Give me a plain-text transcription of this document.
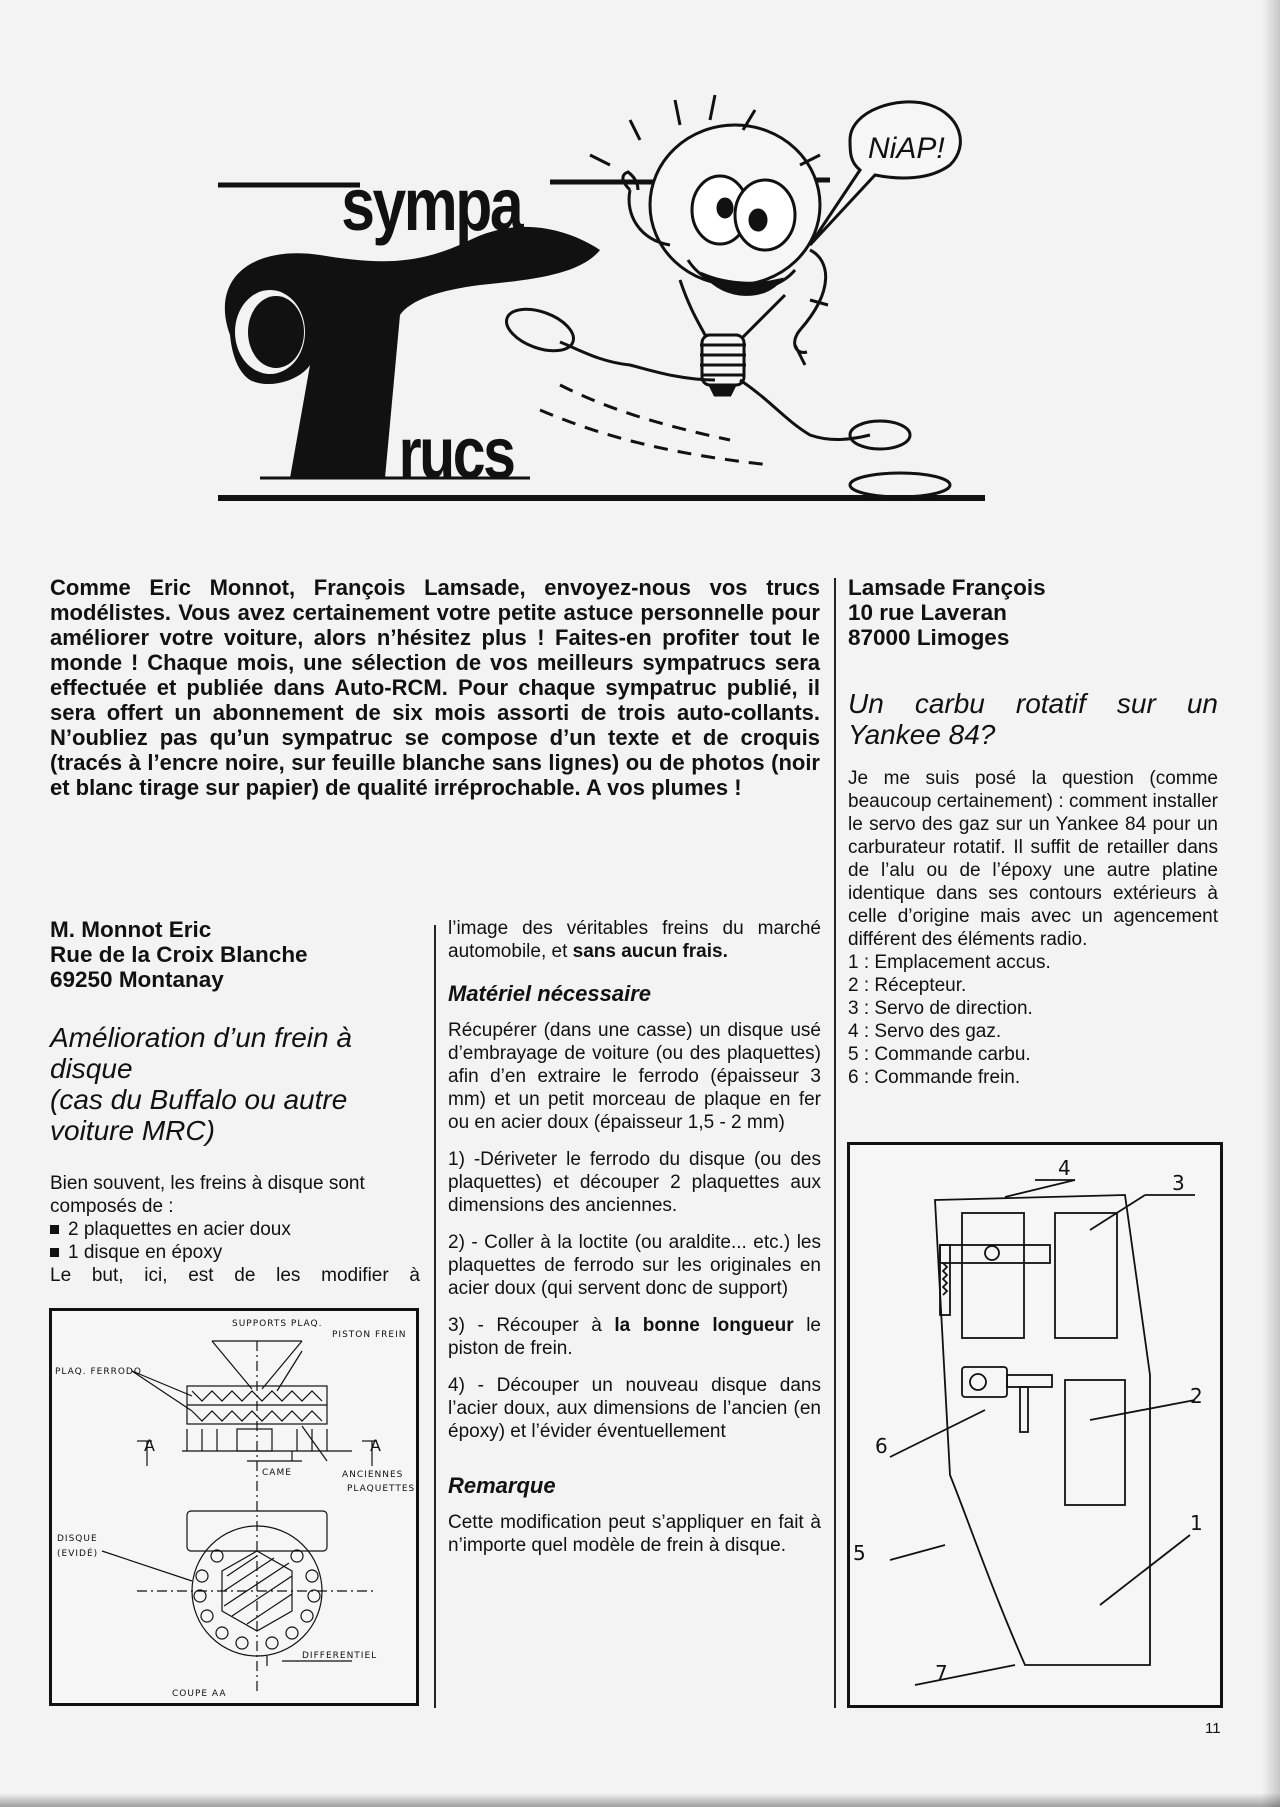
sympa
rucs
NiAP!
Comme Eric Monnot, François Lamsade, envoyez-nous vos trucs modélistes. Vous avez certainement votre petite astuce personnelle pour améliorer votre voiture, alors n’hésitez plus ! Faites-en profiter tout le monde ! Chaque mois, une sélection de vos meilleurs sympatrucs sera effectuée et publiée dans Auto-RCM. Pour chaque sympatruc publié, il sera offert un abonnement de six mois assorti de trois auto-collants. N’oubliez pas qu’un sympatruc se compose d’un texte et de croquis (tracés à l’encre noire, sur feuille blanche sans lignes) ou de photos (noir et blanc tirage sur papier) de qualité irréprochable. A vos plumes !
Lamsade François
10 rue Laveran
87000 Limoges
Un carbu rotatif sur un Yankee 84?

Je me suis posé la question (comme beaucoup certainement) : comment installer le servo des gaz sur un Yankee 84 pour un carburateur rotatif. Il suffit de retailler dans de l’alu ou de l’époxy une autre platine identique dans ses contours extérieurs à celle d’origine mais avec un agencement différent des éléments radio.

1 : Emplacement accus.
2 : Récepteur.
3 : Servo de direction.
4 : Servo des gaz.
5 : Commande carbu.
6 : Commande frein.
4
3
2
1
6
5
7
M. Monnot Eric
Rue de la Croix Blanche
69250 Montanay
Amélioration d’un frein à disque
(cas du Buffalo ou autre voiture MRC)
Bien souvent, les freins à disque sont composés de :
2 plaquettes en acier doux
1 disque en époxy
Le but, ici, est de les modifier à
SUPPORTS PLAQ.
PISTON FREIN
PLAQ. FERRODO
A	A
CAME	ANCIENNES
PLAQUETTES
DISQUE
(EVIDÉ)
DIFFERENTIEL
COUPE AA

l’image des véritables freins du marché automobile, et sans aucun frais.

Matériel nécessaire

Récupérer (dans une casse) un disque usé d’embrayage de voiture (ou des plaquettes) afin d’en extraire le ferrodo (épaisseur 3 mm) et un petit morceau de plaque en fer ou en acier doux (épaisseur 1,5 - 2 mm)

1) -Dériveter le ferrodo du disque (ou des plaquettes) et découper 2 plaquettes aux dimensions des anciennes.

2) - Coller à la loctite (ou araldite... etc.) les plaquettes de ferrodo sur les originales en acier doux (qui servent donc de support)

3) - Récouper à la bonne longueur le piston de frein.

4) - Découper un nouveau disque dans l’acier doux, aux dimensions de l’ancien (en époxy) et l’évider éventuellement

Remarque

Cette modification peut s’appliquer en fait à n’importe quel modèle de frein à disque.

11
